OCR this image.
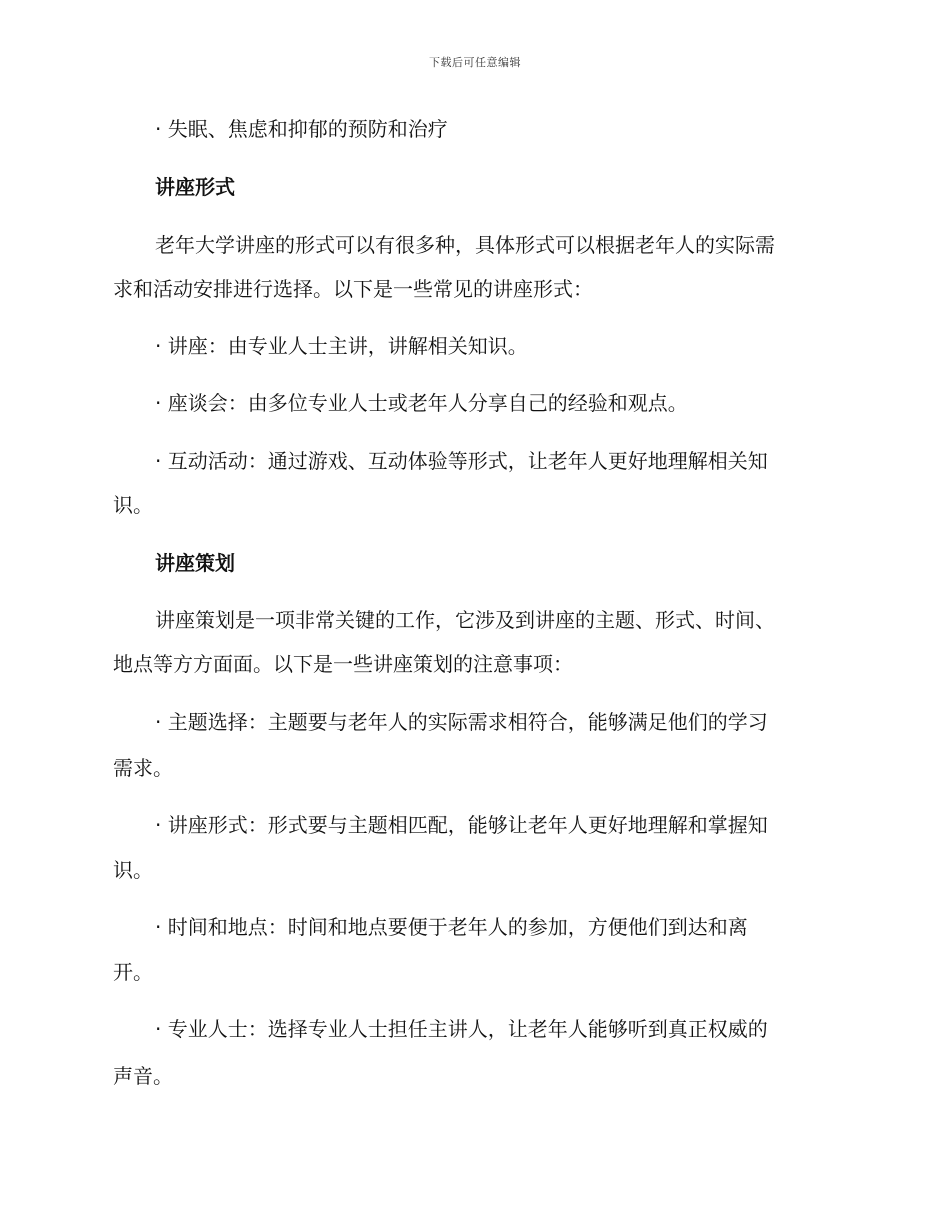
下载后可任意编辑
· 失眠、焦虑和抑郁的预防和治疗
讲座形式
老年大学讲座的形式可以有很多种，具体形式可以根据老年人的实际需
求和活动安排进行选择。以下是一些常见的讲座形式：
· 讲座：由专业人士主讲，讲解相关知识。
· 座谈会：由多位专业人士或老年人分享自己的经验和观点。
· 互动活动：通过游戏、互动体验等形式，让老年人更好地理解相关知
识。
讲座策划
讲座策划是一项非常关键的工作，它涉及到讲座的主题、形式、时间、
地点等方方面面。以下是一些讲座策划的注意事项：
· 主题选择：主题要与老年人的实际需求相符合，能够满足他们的学习
需求。
· 讲座形式：形式要与主题相匹配，能够让老年人更好地理解和掌握知
识。
· 时间和地点：时间和地点要便于老年人的参加，方便他们到达和离
开。
· 专业人士：选择专业人士担任主讲人，让老年人能够听到真正权威的
声音。
